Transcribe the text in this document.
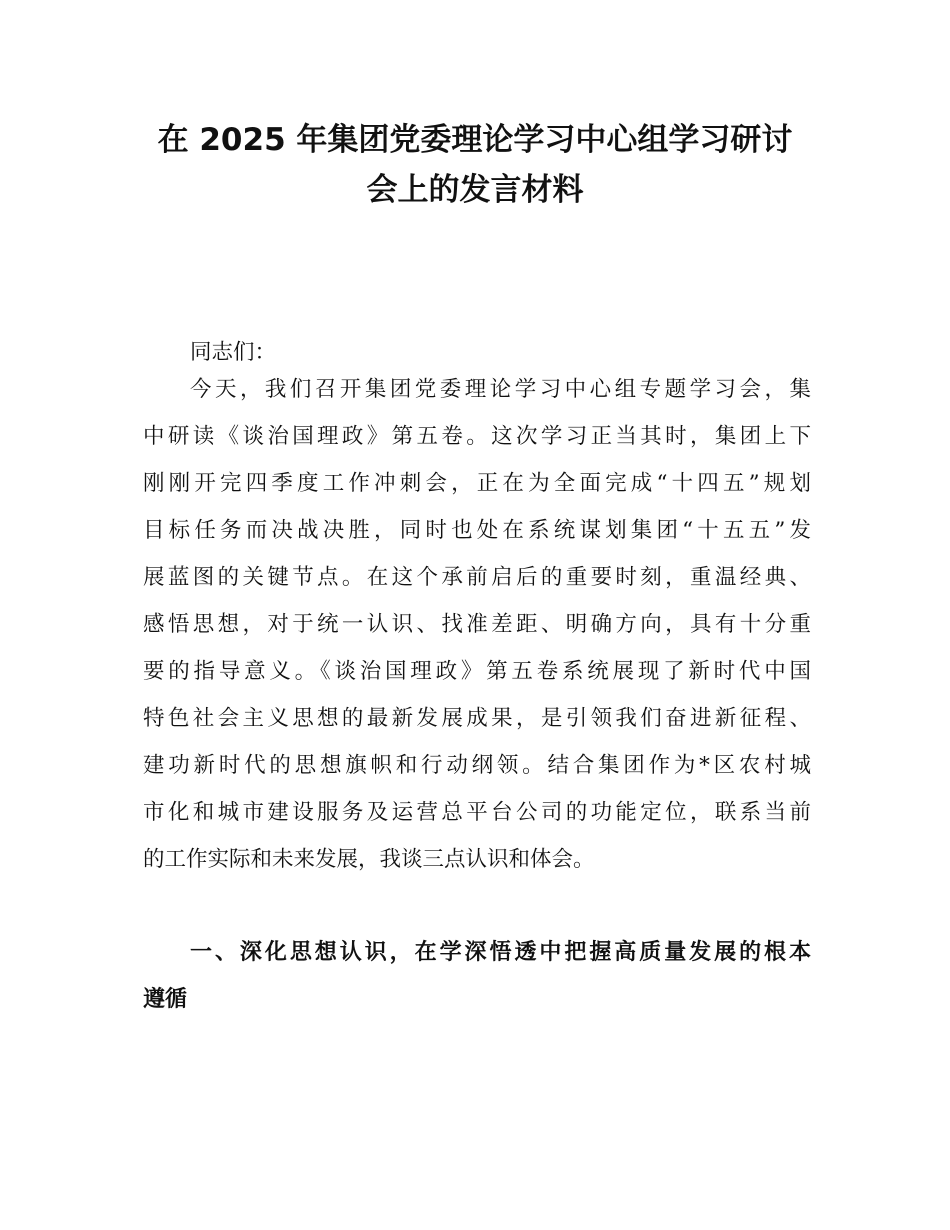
在 2025 年集团党委理论学习中心组学习研讨
会上的发言材料
同志们：
今天，我们召开集团党委理论学习中心组专题学习会，集
中研读《谈治国理政》第五卷。这次学习正当其时，集团上下
刚刚开完四季度工作冲刺会，正在为全面完成“十四五”规划
目标任务而决战决胜，同时也处在系统谋划集团“十五五”发
展蓝图的关键节点。在这个承前启后的重要时刻，重温经典、
感悟思想，对于统一认识、找准差距、明确方向，具有十分重
要的指导意义。《谈治国理政》第五卷系统展现了新时代中国
特色社会主义思想的最新发展成果，是引领我们奋进新征程、
建功新时代的思想旗帜和行动纲领。结合集团作为*区农村城
市化和城市建设服务及运营总平台公司的功能定位，联系当前
的工作实际和未来发展，我谈三点认识和体会。
一、深化思想认识，在学深悟透中把握高质量发展的根本
遵循
